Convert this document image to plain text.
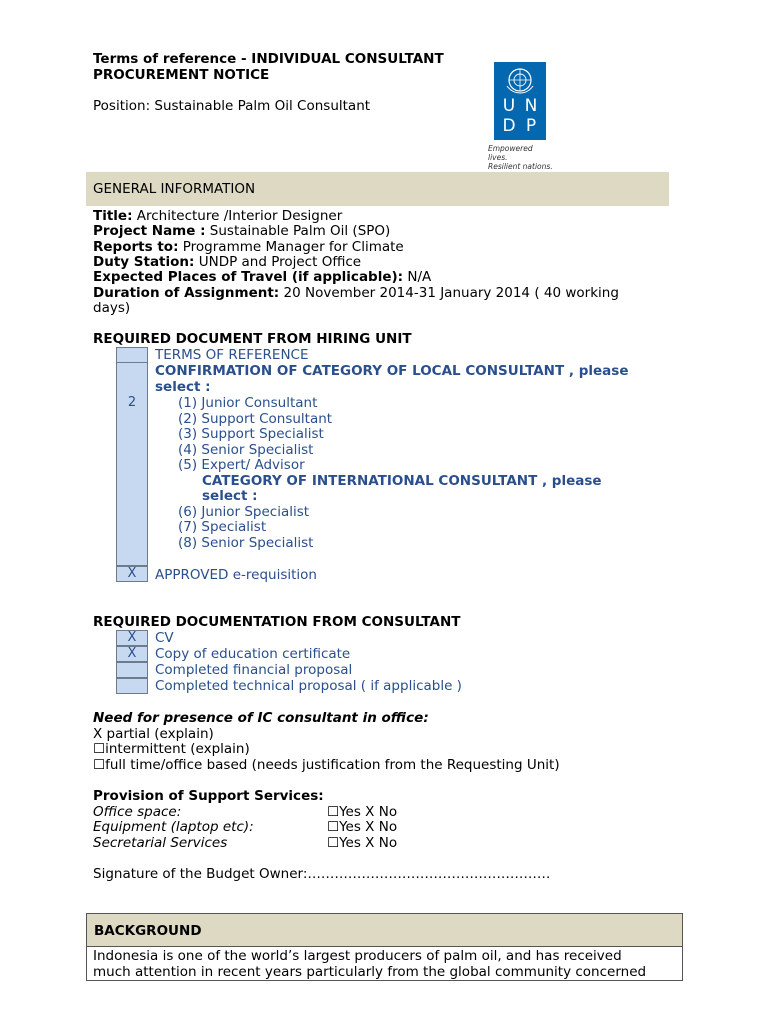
Terms of reference - INDIVIDUAL CONSULTANT
PROCUREMENT NOTICE
Position: Sustainable Palm Oil Consultant	U N
D P
Empowered lives.
Resilient nations.
GENERAL INFORMATION
Title: Architecture /Interior Designer
Project Name : Sustainable Palm Oil (SPO)
Reports to: Programme Manager for Climate
Duty Station: UNDP and Project Office
Expected Places of Travel (if applicable): N/A
Duration of Assignment: 20 November 2014-31 January 2014 ( 40 working
days)
REQUIRED DOCUMENT FROM HIRING UNIT
TERMS OF REFERENCE
2
CONFIRMATION OF CATEGORY OF LOCAL CONSULTANT , please
select :
(1) Junior Consultant
(2) Support Consultant
(3) Support Specialist
(4) Senior Specialist
(5) Expert/ Advisor
CATEGORY OF INTERNATIONAL CONSULTANT , please
select :
(6) Junior Specialist
(7) Specialist
(8) Senior Specialist
X	APPROVED e-requisition
REQUIRED DOCUMENTATION FROM CONSULTANT
X	CV
X	Copy of education certificate
Completed financial proposal
Completed technical proposal ( if applicable )
Need for presence of IC consultant in office:
X partial (explain)
☐intermittent (explain)
☐full time/office based (needs justification from the Requesting Unit)
Provision of Support Services:
Office space:	☐Yes X No
Equipment (laptop etc):	☐Yes X No
Secretarial Services	☐Yes X No
Signature of the Budget Owner:………………………………………………
BACKGROUND
Indonesia is one of the world’s largest producers of palm oil, and has received
much attention in recent years particularly from the global community concerned
